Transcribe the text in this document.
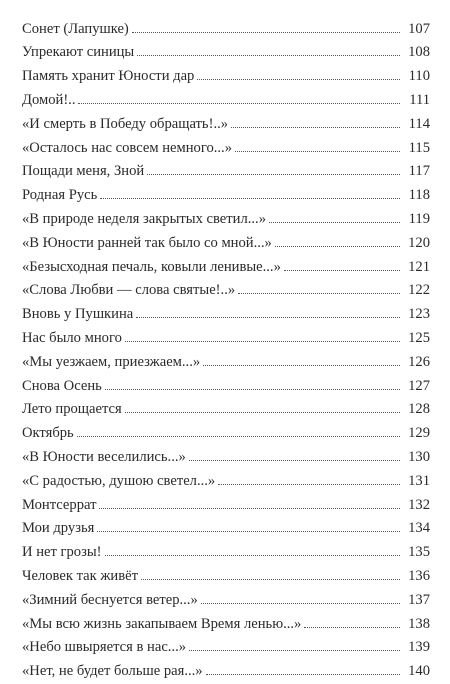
Сонет (Лапушке)	107
Упрекают синицы	108
Память хранит Юности дар	110
Домой!..	111
«И смерть в Победу обращать!..»	114
«Осталось нас совсем немного...»	115
Пощади меня, Зной	117
Родная Русь	118
«В природе неделя закрытых светил...»	119
«В Юности ранней так было со мной...»	120
«Безысходная печаль, ковыли ленивые...»	121
«Слова Любви — слова святые!..»	122
Вновь у Пушкина	123
Нас было много	125
«Мы уезжаем, приезжаем...»	126
Снова Осень	127
Лето прощается	128
Октябрь	129
«В Юности веселились...»	130
«С радостью, душою светел...»	131
Монтсеррат	132
Мои друзья	134
И нет грозы!	135
Человек так живёт	136
«Зимний беснуется ветер...»	137
«Мы всю жизнь закапываем Время ленью...»	138
«Небо швыряется в нас...»	139
«Нет, не будет больше рая...»	140
